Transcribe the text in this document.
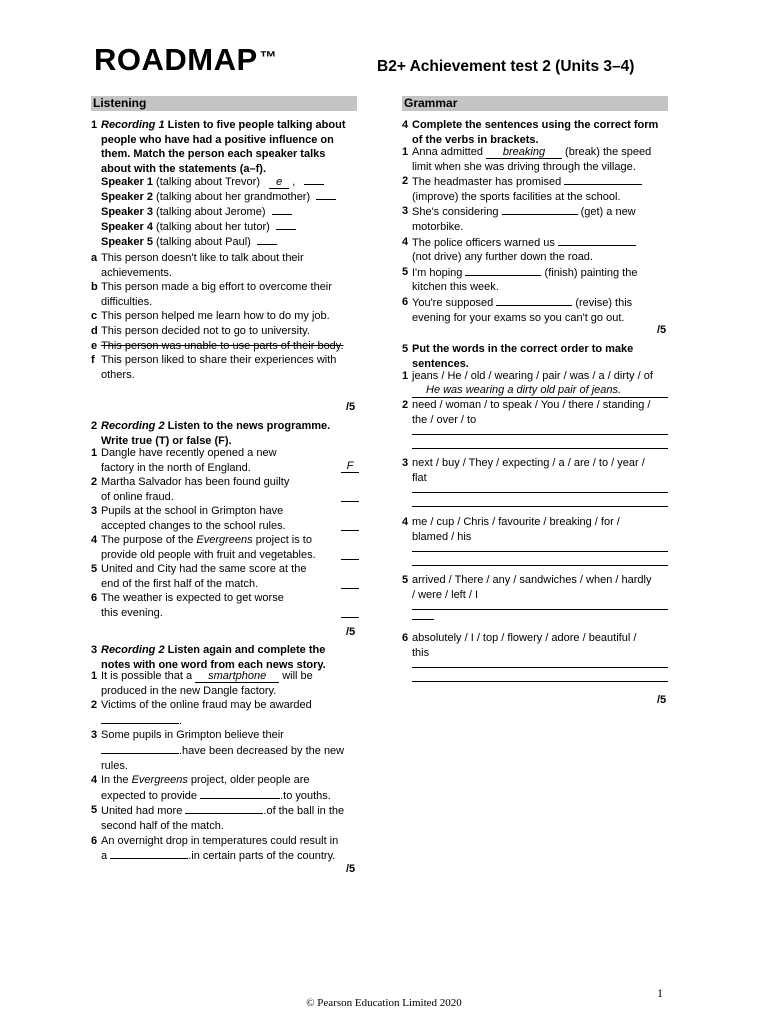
ROADMAP ™	B2+ Achievement test 2 (Units 3–4)
Listening
1 Recording 1 Listen to five people talking about people who have had a positive influence on them. Match the person each speaker talks about with the statements (a–f).
Speaker 1 (talking about Trevor) e ,
Speaker 2 (talking about her grandmother)
Speaker 3 (talking about Jerome)
Speaker 4 (talking about her tutor)
Speaker 5 (talking about Paul)
a This person doesn't like to talk about their achievements.
b This person made a big effort to overcome their difficulties.
c This person helped me learn how to do my job.
d This person decided not to go to university.
e This person was unable to use parts of their body.
f This person liked to share their experiences with others.
/5
2 Recording 2 Listen to the news programme. Write true (T) or false (F).
1 Dangle have recently opened a new
factory in the north of England.	F
2 Martha Salvador has been found guilty
of online fraud.
3 Pupils at the school in Grimpton have
accepted changes to the school rules.
4 The purpose of the Evergreens project is to
provide old people with fruit and vegetables.
5 United and City had the same score at the
end of the first half of the match.
6 The weather is expected to get worse
this evening.
/5
3 Recording 2 Listen again and complete the notes with one word from each news story.
1 It is possible that a smartphone will be produced in the new Dangle factory.
2 Victims of the online fraud may be awarded
.
3 Some pupils in Grimpton believe their
.have been decreased by the new rules.
4 In the Evergreens project, older people are
expected to provide	.to youths.
5 United had more	.of the ball in the
second half of the match.
6 An overnight drop in temperatures could result in
a	.in certain parts of the country.
/5
Grammar
4 Complete the sentences using the correct form of the verbs in brackets.
1 Anna admitted breaking (break) the speed
limit when she was driving through the village.
2 The headmaster has promised
(improve) the sports facilities at the school.
3 She's considering	(get) a new
motorbike.
4 The police officers warned us
(not drive) any further down the road.
5 I'm hoping	(finish) painting the
kitchen this week.
6 You're supposed	(revise) this
evening for your exams so you can't go out.
/5
5 Put the words in the correct order to make sentences.
1 jeans / He / old / wearing / pair / was / a / dirty / of
He was wearing a dirty old pair of jeans.
2 need / woman / to speak / You / there / standing /
the / over / to
3 next / buy / They / expecting / a / are / to / year /
flat
4 me / cup / Chris / favourite / breaking / for /
blamed / his
5 arrived / There / any / sandwiches / when / hardly
/ were / left / I
6 absolutely / I / top / flowery / adore / beautiful /
this
/5
1
© Pearson Education Limited 2020
